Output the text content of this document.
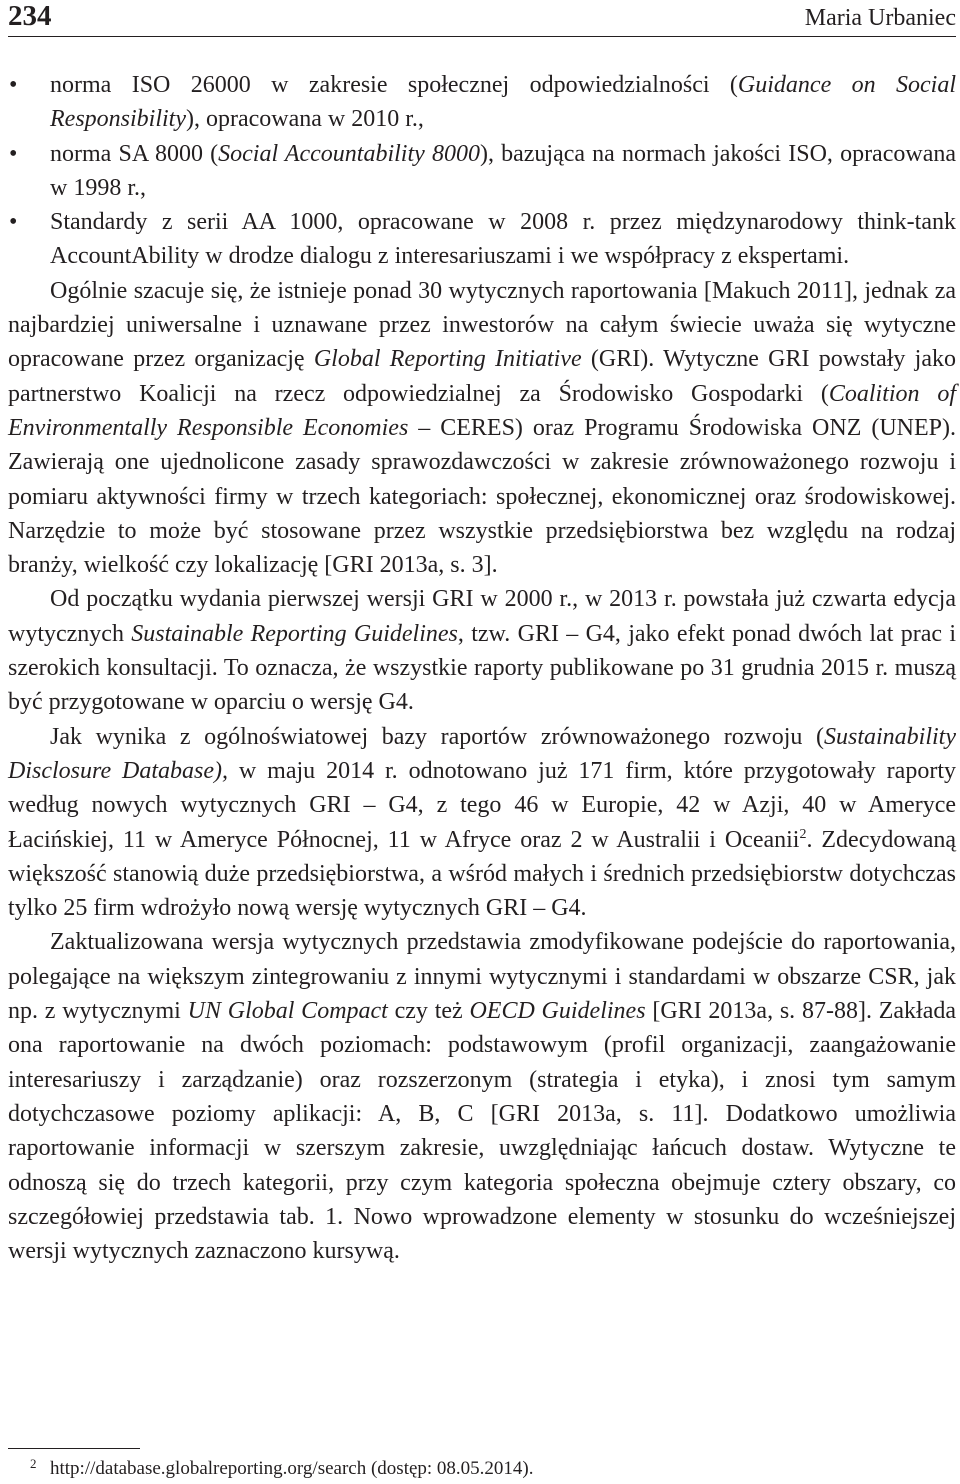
234	Maria Urbaniec
• norma ISO 26000 w zakresie społecznej odpowiedzialności (Guidance on Social Responsibility), opracowana w 2010 r.,
• norma SA 8000 (Social Accountability 8000), bazująca na normach jakości ISO, opracowana w 1998 r.,
• Standardy z serii AA 1000, opracowane w 2008 r. przez międzynarodowy think-tank AccountAbility w drodze dialogu z interesariuszami i we współpracy z ekspertami.

Ogólnie szacuje się, że istnieje ponad 30 wytycznych raportowania [Makuch 2011], jednak za najbardziej uniwersalne i uznawane przez inwestorów na całym świecie uważa się wytyczne opracowane przez organizację Global Reporting Initiative (GRI). Wytyczne GRI powstały jako partnerstwo Koalicji na rzecz odpowiedzialnej za Środowisko Gospodarki (Coalition of Environmentally Responsible Economies – CERES) oraz Programu Środowiska ONZ (UNEP). Zawierają one ujednolicone zasady sprawozdawczości w zakresie zrównoważonego rozwoju i pomiaru aktywności firmy w trzech kategoriach: społecznej, ekonomicznej oraz środowiskowej. Narzędzie to może być stosowane przez wszystkie przedsiębiorstwa bez względu na rodzaj branży, wielkość czy lokalizację [GRI 2013a, s. 3].

Od początku wydania pierwszej wersji GRI w 2000 r., w 2013 r. powstała już czwarta edycja wytycznych Sustainable Reporting Guidelines, tzw. GRI – G4, jako efekt ponad dwóch lat prac i szerokich konsultacji. To oznacza, że wszystkie raporty publikowane po 31 grudnia 2015 r. muszą być przygotowane w oparciu o wersję G4.

Jak wynika z ogólnoświatowej bazy raportów zrównoważonego rozwoju (Sustainability Disclosure Database), w maju 2014 r. odnotowano już 171 firm, które przygotowały raporty według nowych wytycznych GRI – G4, z tego 46 w Europie, 42 w Azji, 40 w Ameryce Łacińskiej, 11 w Ameryce Północnej, 11 w Afryce oraz 2 w Australii i Oceanii$^2$. Zdecydowaną większość stanowią duże przedsiębiorstwa, a wśród małych i średnich przedsiębiorstw dotychczas tylko 25 firm wdrożyło nową wersję wytycznych GRI – G4.

Zaktualizowana wersja wytycznych przedstawia zmodyfikowane podejście do raportowania, polegające na większym zintegrowaniu z innymi wytycznymi i standardami w obszarze CSR, jak np. z wytycznymi UN Global Compact czy też OECD Guidelines [GRI 2013a, s. 87-88]. Zakłada ona raportowanie na dwóch poziomach: podstawowym (profil organizacji, zaangażowanie interesariuszy i zarządzanie) oraz rozszerzonym (strategia i etyka), i znosi tym samym dotychczasowe poziomy aplikacji: A, B, C [GRI 2013a, s. 11]. Dodatkowo umożliwia raportowanie informacji w szerszym zakresie, uwzględniając łańcuch dostaw. Wytyczne te odnoszą się do trzech kategorii, przy czym kategoria społeczna obejmuje cztery obszary, co szczegółowiej przedstawia tab. 1. Nowo wprowadzone elementy w stosunku do wcześniejszej wersji wytycznych zaznaczono kursywą.

2 http://database.globalreporting.org/search (dostęp: 08.05.2014).
